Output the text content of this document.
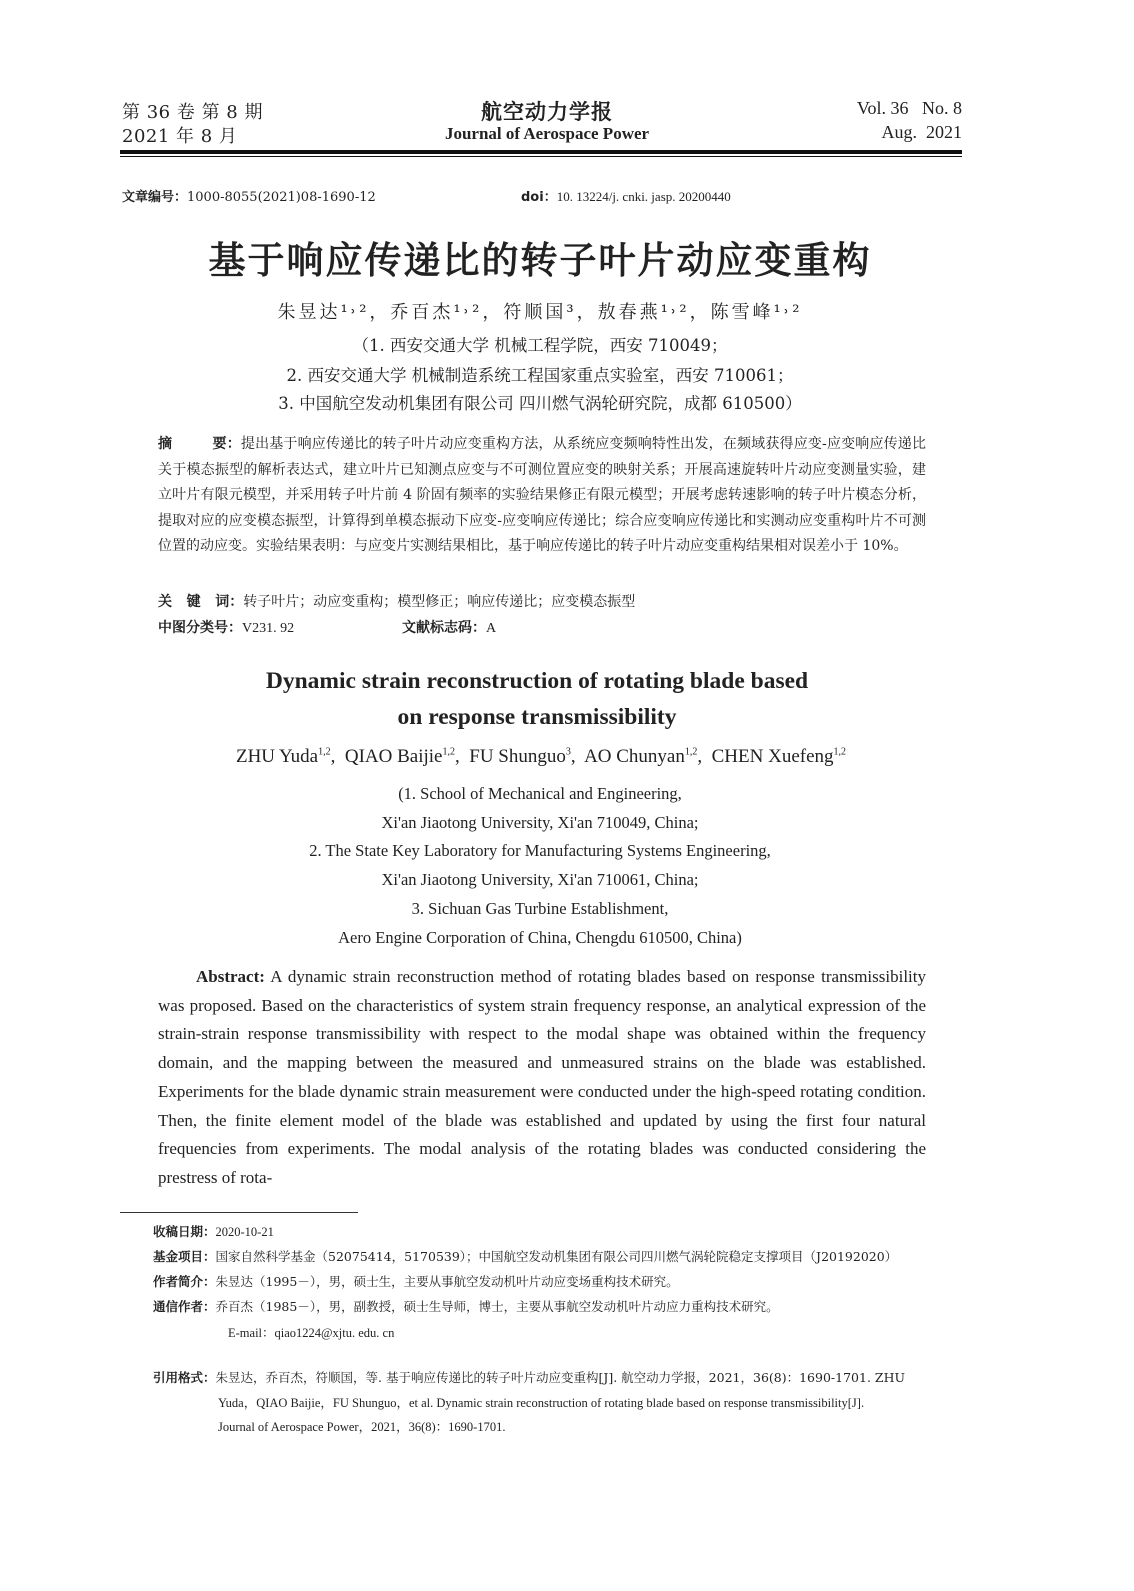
第 36 卷 第 8 期
2021 年 8 月
航空动力学报
Journal of Aerospace Power
Vol. 36   No. 8
Aug.  2021
文章编号：1000-8055(2021)08-1690-12	doi：10. 13224/j. cnki. jasp. 20200440
基于响应传递比的转子叶片动应变重构
朱昱达¹˒²，乔百杰¹˒²，符顺国³，敖春燕¹˒²，陈雪峰¹˒²
（1. 西安交通大学 机械工程学院，西安 710049；
2. 西安交通大学 机械制造系统工程国家重点实验室，西安 710061；
3. 中国航空发动机集团有限公司 四川燃气涡轮研究院，成都 610500）
摘        要：提出基于响应传递比的转子叶片动应变重构方法，从系统应变频响特性出发，在频域获得应变-应变响应传递比关于模态振型的解析表达式，建立叶片已知测点应变与不可测位置应变的映射关系；开展高速旋转叶片动应变测量实验，建立叶片有限元模型，并采用转子叶片前 4 阶固有频率的实验结果修正有限元模型；开展考虑转速影响的转子叶片模态分析，提取对应的应变模态振型，计算得到单模态振动下应变-应变响应传递比；综合应变响应传递比和实测动应变重构叶片不可测位置的动应变。实验结果表明：与应变片实测结果相比，基于响应传递比的转子叶片动应变重构结果相对误差小于 10%。
关   键   词：转子叶片；动应变重构；模型修正；响应传递比；应变模态振型
中图分类号：V231. 92	文献标志码：A
Dynamic strain reconstruction of rotating blade based
on response transmissibility
ZHU Yuda$^{1,2}$,  QIAO Baijie$^{1,2}$,  FU Shunguo$^3$,  AO Chunyan$^{1,2}$,  CHEN Xuefeng$^{1,2}$
(1. School of Mechanical and Engineering,
Xi'an Jiaotong University, Xi'an 710049, China;
2. The State Key Laboratory for Manufacturing Systems Engineering,
Xi'an Jiaotong University, Xi'an 710061, China;
3. Sichuan Gas Turbine Establishment,
Aero Engine Corporation of China, Chengdu 610500, China)
Abstract: A dynamic strain reconstruction method of rotating blades based on response transmissibility was proposed. Based on the characteristics of system strain frequency response, an analytical expression of the strain-strain response transmissibility with respect to the modal shape was obtained within the frequency domain, and the mapping between the measured and unmeasured strains on the blade was established. Experiments for the blade dynamic strain measurement were conducted under the high-speed rotating condition. Then, the finite element model of the blade was established and updated by using the first four natural frequencies from experiments. The modal analysis of the rotating blades was conducted considering the prestress of rota-
收稿日期：2020-10-21
基金项目：国家自然科学基金（52075414，5170539）；中国航空发动机集团有限公司四川燃气涡轮院稳定支撑项目（J20192020）
作者简介：朱昱达（1995－），男，硕士生，主要从事航空发动机叶片动应变场重构技术研究。
通信作者：乔百杰（1985－），男，副教授，硕士生导师，博士，主要从事航空发动机叶片动应力重构技术研究。
E-mail：qiao1224@xjtu. edu. cn
引用格式：朱昱达，乔百杰，符顺国，等. 基于响应传递比的转子叶片动应变重构[J]. 航空动力学报，2021，36(8)：1690-1701. ZHU
Yuda，QIAO Baijie，FU Shunguo，et al. Dynamic strain reconstruction of rotating blade based on response transmissibility[J].
Journal of Aerospace Power，2021，36(8)：1690-1701.
